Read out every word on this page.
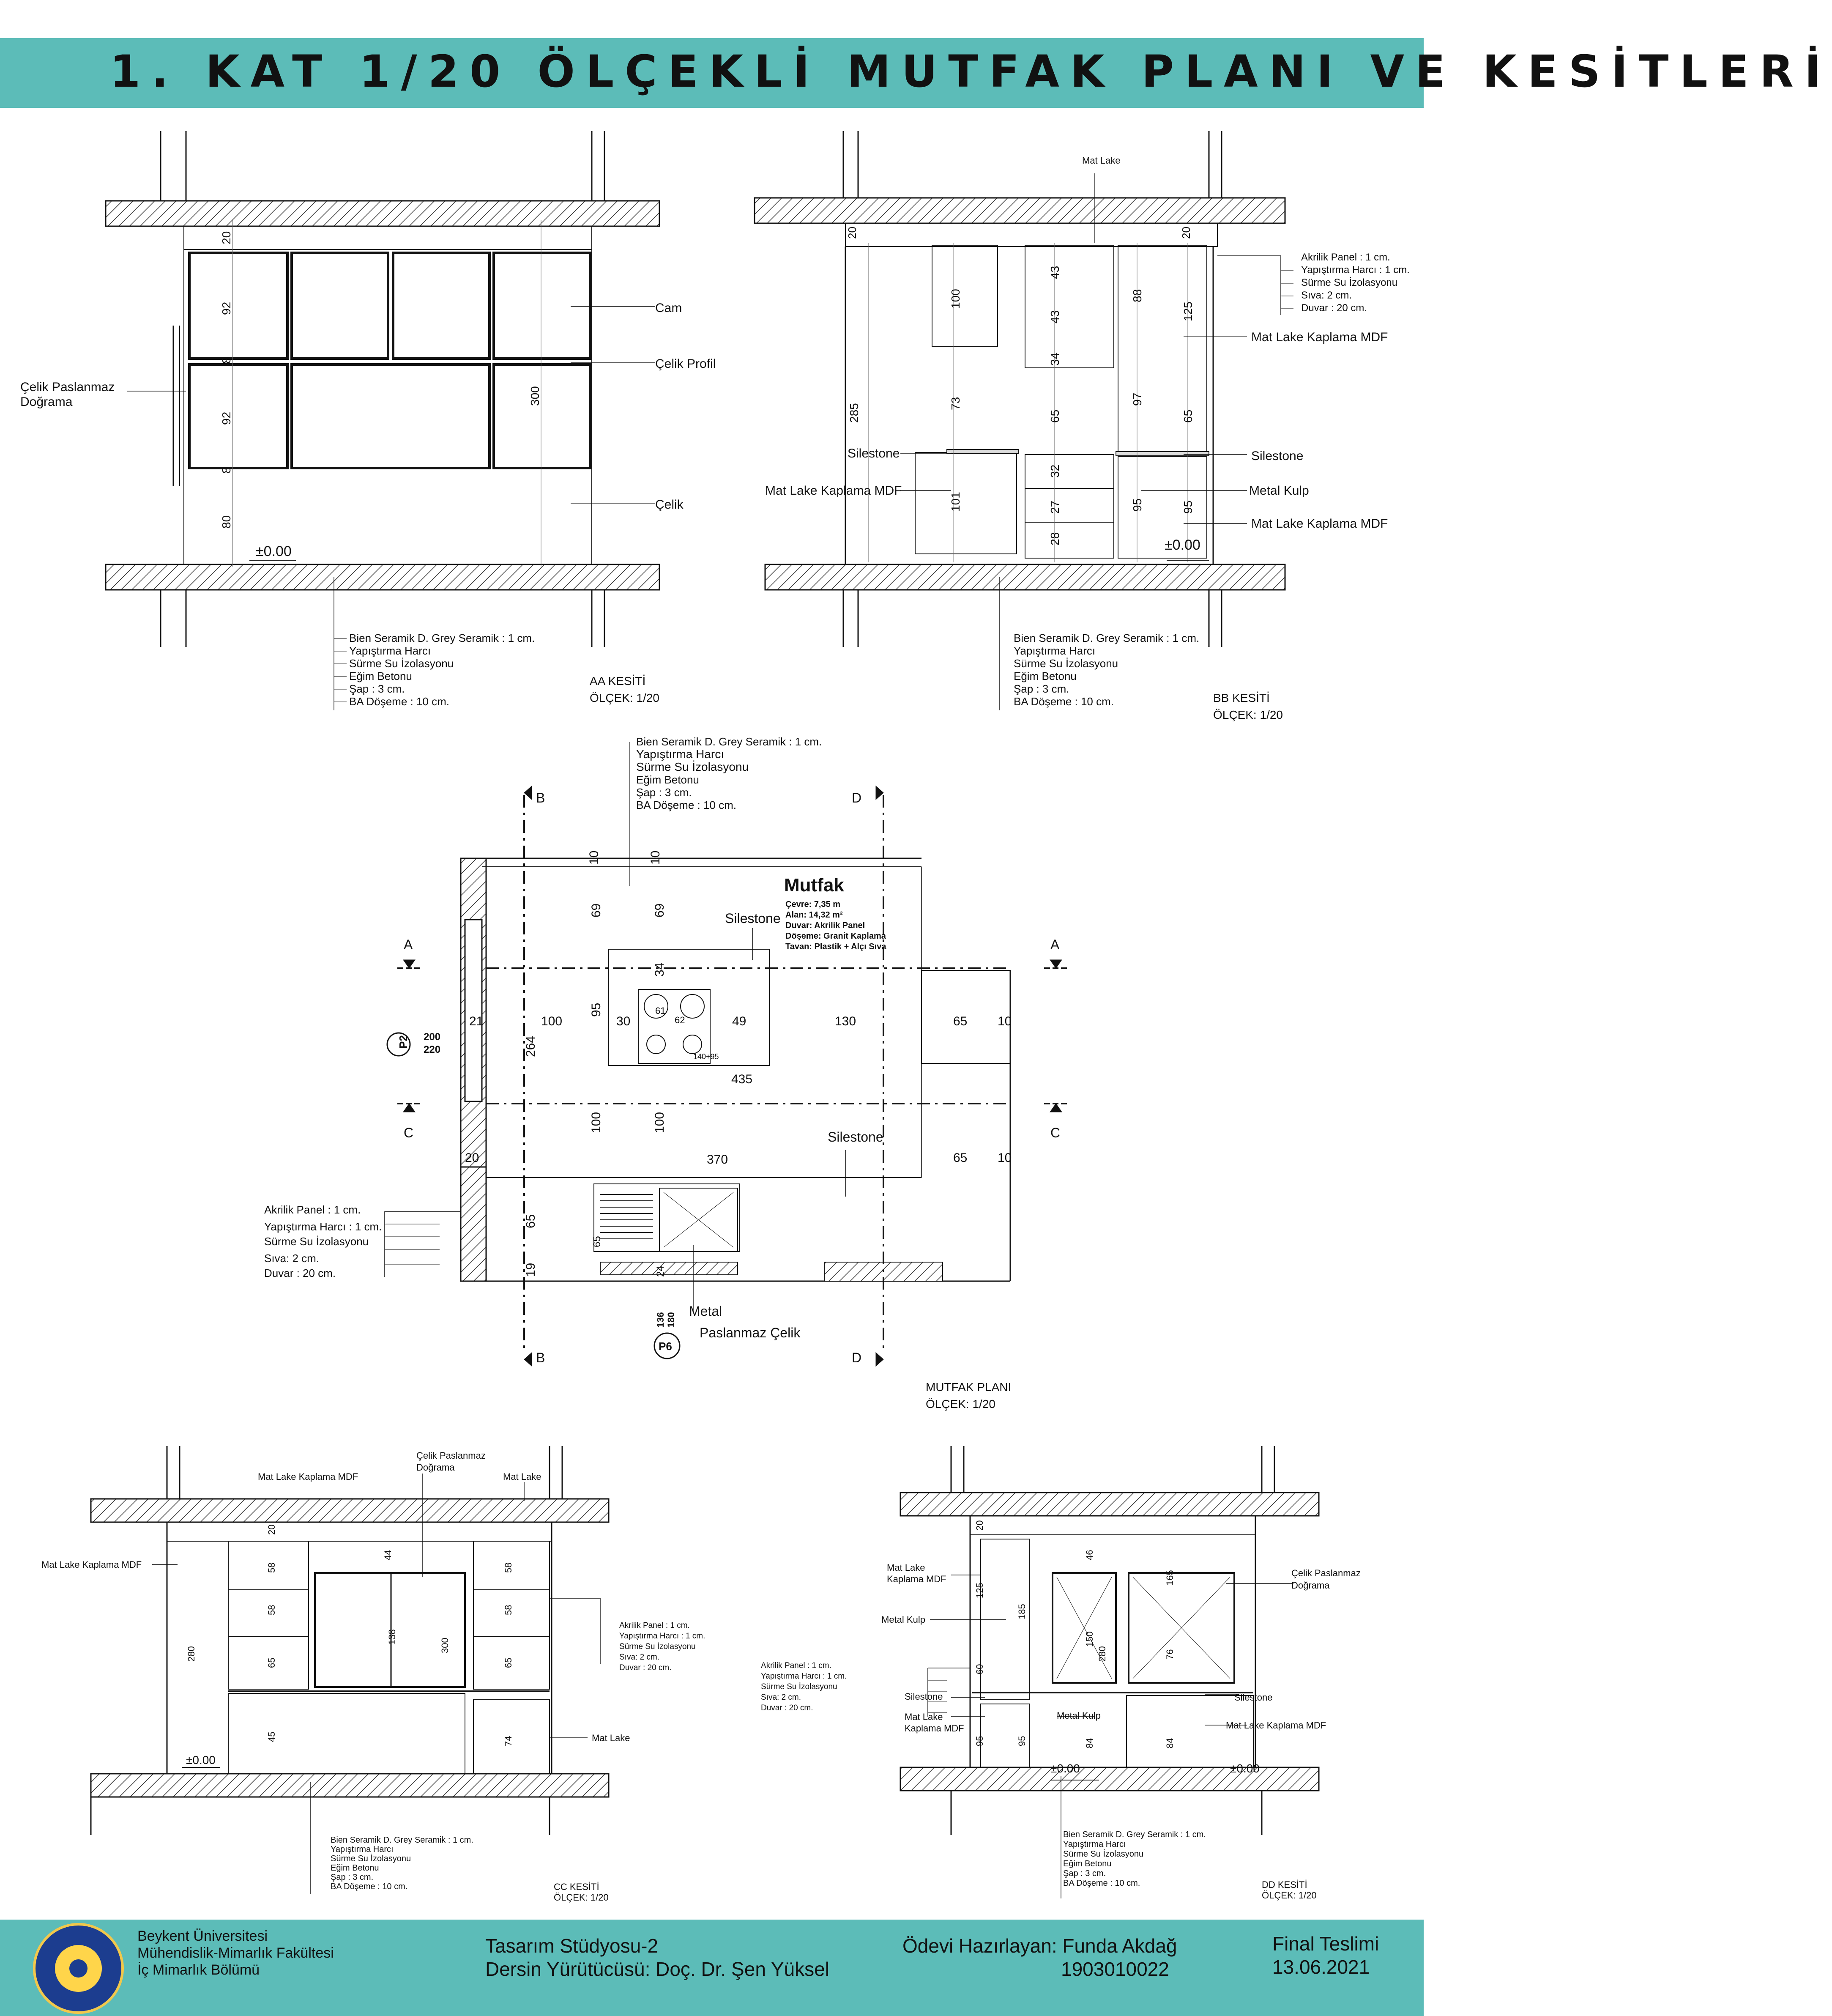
1. KAT 1/20 ÖLÇEKLİ MUTFAK PLANI VE KESİTLERİ
Cam
Çelik Profil
Çelik Paslanmaz
Doğrama
Çelik
±0.00
20
92
8
92
8
80
300
Bien Seramik D. Grey Seramik : 1 cm.
Yapıştırma Harcı
Sürme Su İzolasyonu
Eğim Betonu
Şap : 3 cm.
BA Döşeme : 10 cm.
AA KESİTİ
ÖLÇEK: 1/20
Mat Lake
Akrilik Panel : 1 cm.
Yapıştırma Harcı : 1 cm.
Sürme Su İzolasyonu
Sıva: 2 cm.
Duvar : 20 cm.
Mat Lake Kaplama MDF
Silestone
Mat Lake Kaplama MDF
Silestone
Metal Kulp
Mat Lake Kaplama MDF
±0.00
285
100
73
101
43
43
34
65
32
27
28
88
97
95
125
65
95
20	20
Bien Seramik D. Grey Seramik : 1 cm.
Yapıştırma Harcı
Sürme Su İzolasyonu
Eğim Betonu
Şap : 3 cm.
BA Döşeme : 10 cm.	BB KESİTİ
ÖLÇEK: 1/20
Bien Seramik D. Grey Seramik : 1 cm.
Yapıştırma Harcı
Sürme Su İzolasyonu
Eğim Betonu
Şap : 3 cm.
BA Döşeme : 10 cm.
B	D
B	D
A	A
C	C
Mutfak
Çevre: 7,35 m
Alan: 14,32 m²
Duvar: Akrilik Panel
Döşeme: Granit Kaplama
Tavan: Plastik + Alçı Sıva
Silestone
Silestone
Metal
Paslanmaz Çelik
140+95
P2 200
220
P6
136 180
Akrilik Panel : 1 cm.
Yapıştırma Harcı : 1 cm.
Sürme Su İzolasyonu
Sıva: 2 cm.
Duvar : 20 cm.
10	10
69	69
34
95
100	30
61
62	49	130	65 10
264
435
100	100
370	65 10
20
21
65
65
19	24
MUTFAK PLANI
ÖLÇEK: 1/20
Mat Lake Kaplama MDF
Çelik Paslanmaz
Doğrama
Mat Lake
Mat Lake Kaplama MDF
Mat Lake
±0.00
Akrilik Panel : 1 cm.
Yapıştırma Harcı : 1 cm.
Sürme Su İzolasyonu
Sıva: 2 cm.
Duvar : 20 cm.
280
44
58
58
65
45
138
300
58
58
65
74
20
Bien Seramik D. Grey Seramik : 1 cm.
Yapıştırma Harcı
Sürme Su İzolasyonu
Eğim Betonu
Şap : 3 cm.
BA Döşeme : 10 cm.	CC KESİTİ
ÖLÇEK: 1/20
Mat Lake
Kaplama MDF
Metal Kulp
Akrilik Panel : 1 cm.
Yapıştırma Harcı : 1 cm.
Sürme Su İzolasyonu
Sıva: 2 cm.
Duvar : 20 cm.
Silestone
Mat Lake
Kaplama MDF
Metal Kulp
Çelik Paslanmaz
Doğrama
Silestone
Mat Lake Kaplama MDF
±0.00	±0.00
125
185
60
95	95
46
150
280
84
165
76
84
20
Bien Seramik D. Grey Seramik : 1 cm.
Yapıştırma Harcı
Sürme Su İzolasyonu
Eğim Betonu
Şap : 3 cm.
BA Döşeme : 10 cm.	DD KESİTİ
ÖLÇEK: 1/20
Beykent Üniversitesi
Mühendislik-Mimarlık Fakültesi
İç Mimarlık Bölümü
Tasarım Stüdyosu-2
Dersin Yürütücüsü: Doç. Dr. Şen Yüksel
Ödevi Hazırlayan: Funda Akdağ
1903010022
Final Teslimi
13.06.2021
